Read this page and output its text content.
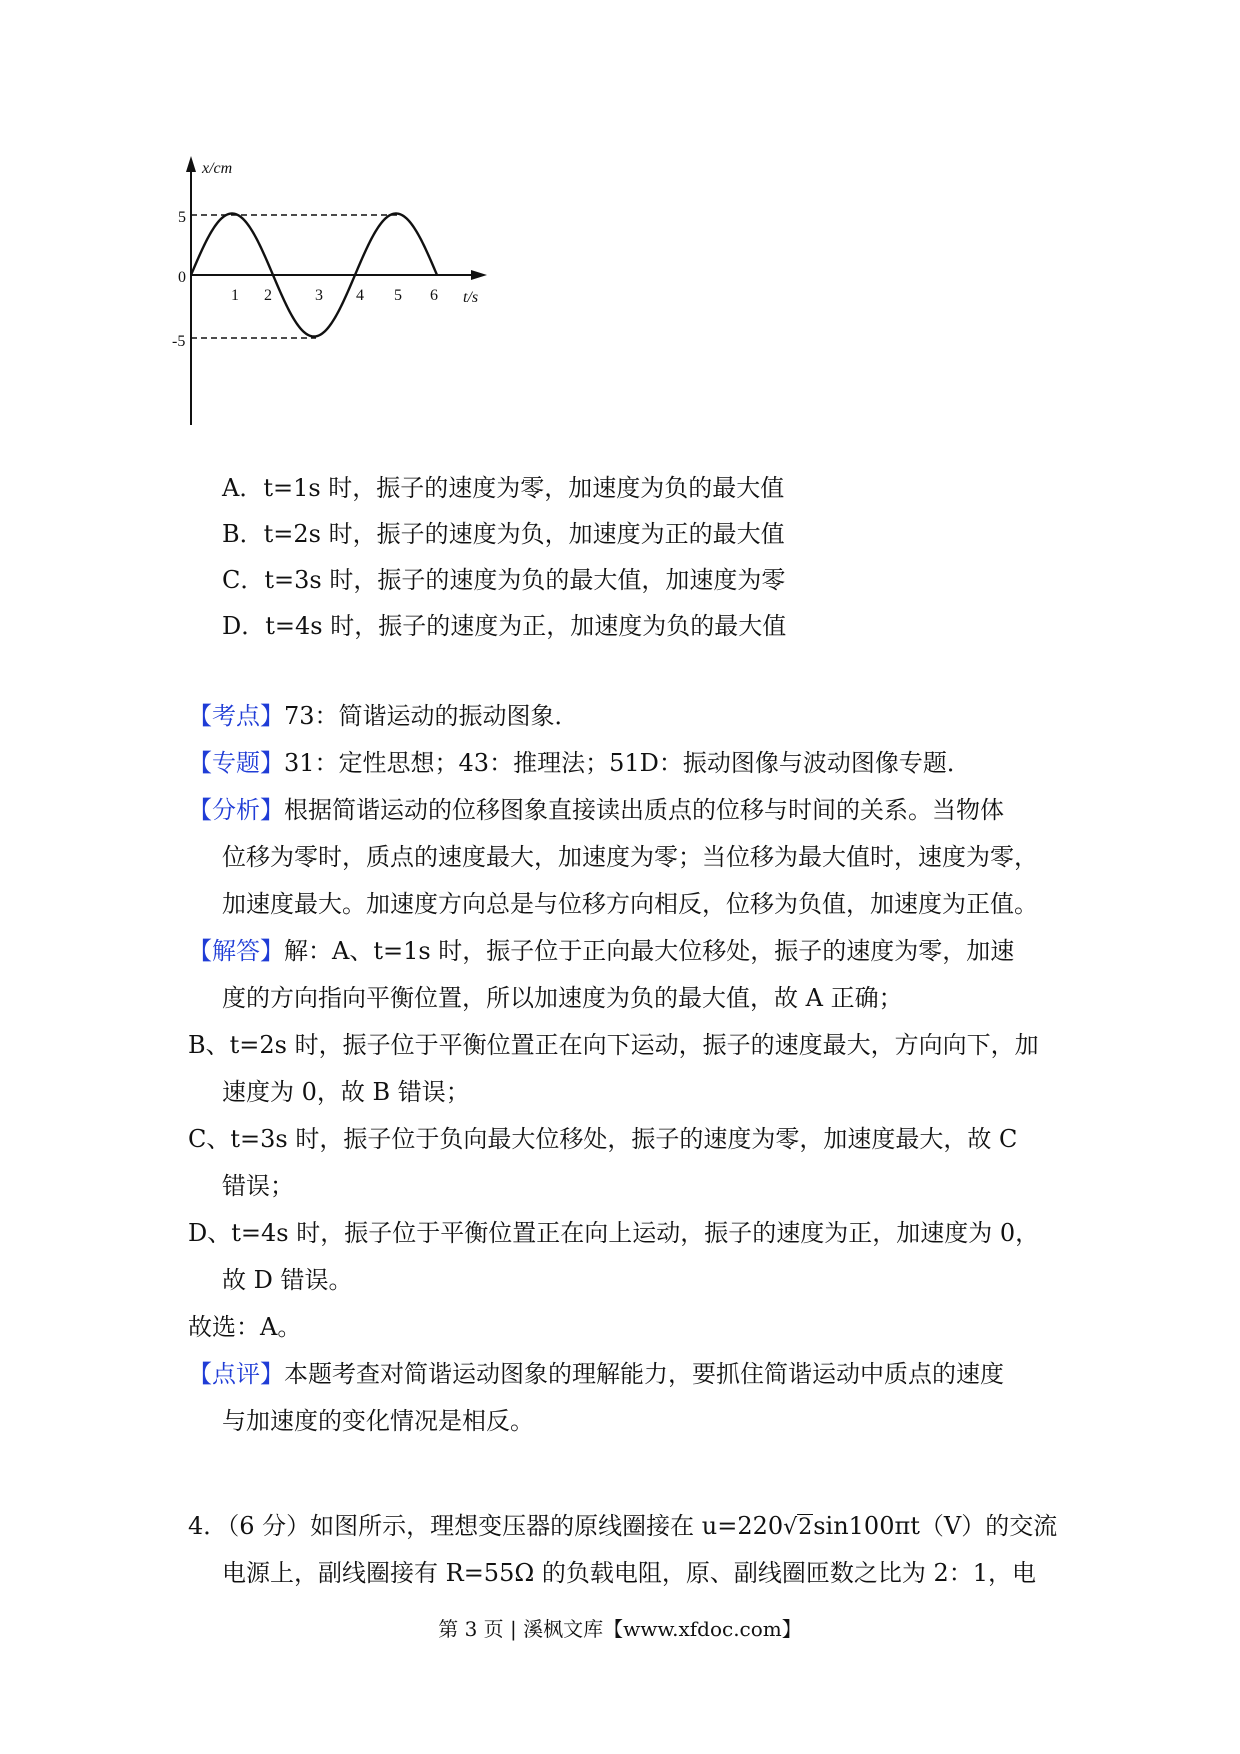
x/cm
t/s
5
0
-5
1 2	3 4 5 6
A．t=1s 时，振子的速度为零，加速度为负的最大值
B．t=2s 时，振子的速度为负，加速度为正的最大值
C．t=3s 时，振子的速度为负的最大值，加速度为零
D．t=4s 时，振子的速度为正，加速度为负的最大值
【考点】73：简谐运动的振动图象．
【专题】31：定性思想；43：推理法；51D：振动图像与波动图像专题．
【分析】根据简谐运动的位移图象直接读出质点的位移与时间的关系。当物体
位移为零时，质点的速度最大，加速度为零；当位移为最大值时，速度为零，
加速度最大。加速度方向总是与位移方向相反，位移为负值，加速度为正值。
【解答】解：A、t=1s 时，振子位于正向最大位移处，振子的速度为零，加速
度的方向指向平衡位置，所以加速度为负的最大值，故 A 正确；
B、t=2s 时，振子位于平衡位置正在向下运动，振子的速度最大，方向向下，加
速度为 0，故 B 错误；
C、t=3s 时，振子位于负向最大位移处，振子的速度为零，加速度最大，故 C
错误；
D、t=4s 时，振子位于平衡位置正在向上运动，振子的速度为正，加速度为 0，
故 D 错误。
故选：A。
【点评】本题考查对简谐运动图象的理解能力，要抓住简谐运动中质点的速度
与加速度的变化情况是相反。
4．（6 分）如图所示，理想变压器的原线圈接在 u=220√2sin100πt（V）的交流
电源上，副线圈接有 R=55Ω 的负载电阻，原、副线圈匝数之比为 2：1，电
第 3 页 | 溪枫文库【www.xfdoc.com】
